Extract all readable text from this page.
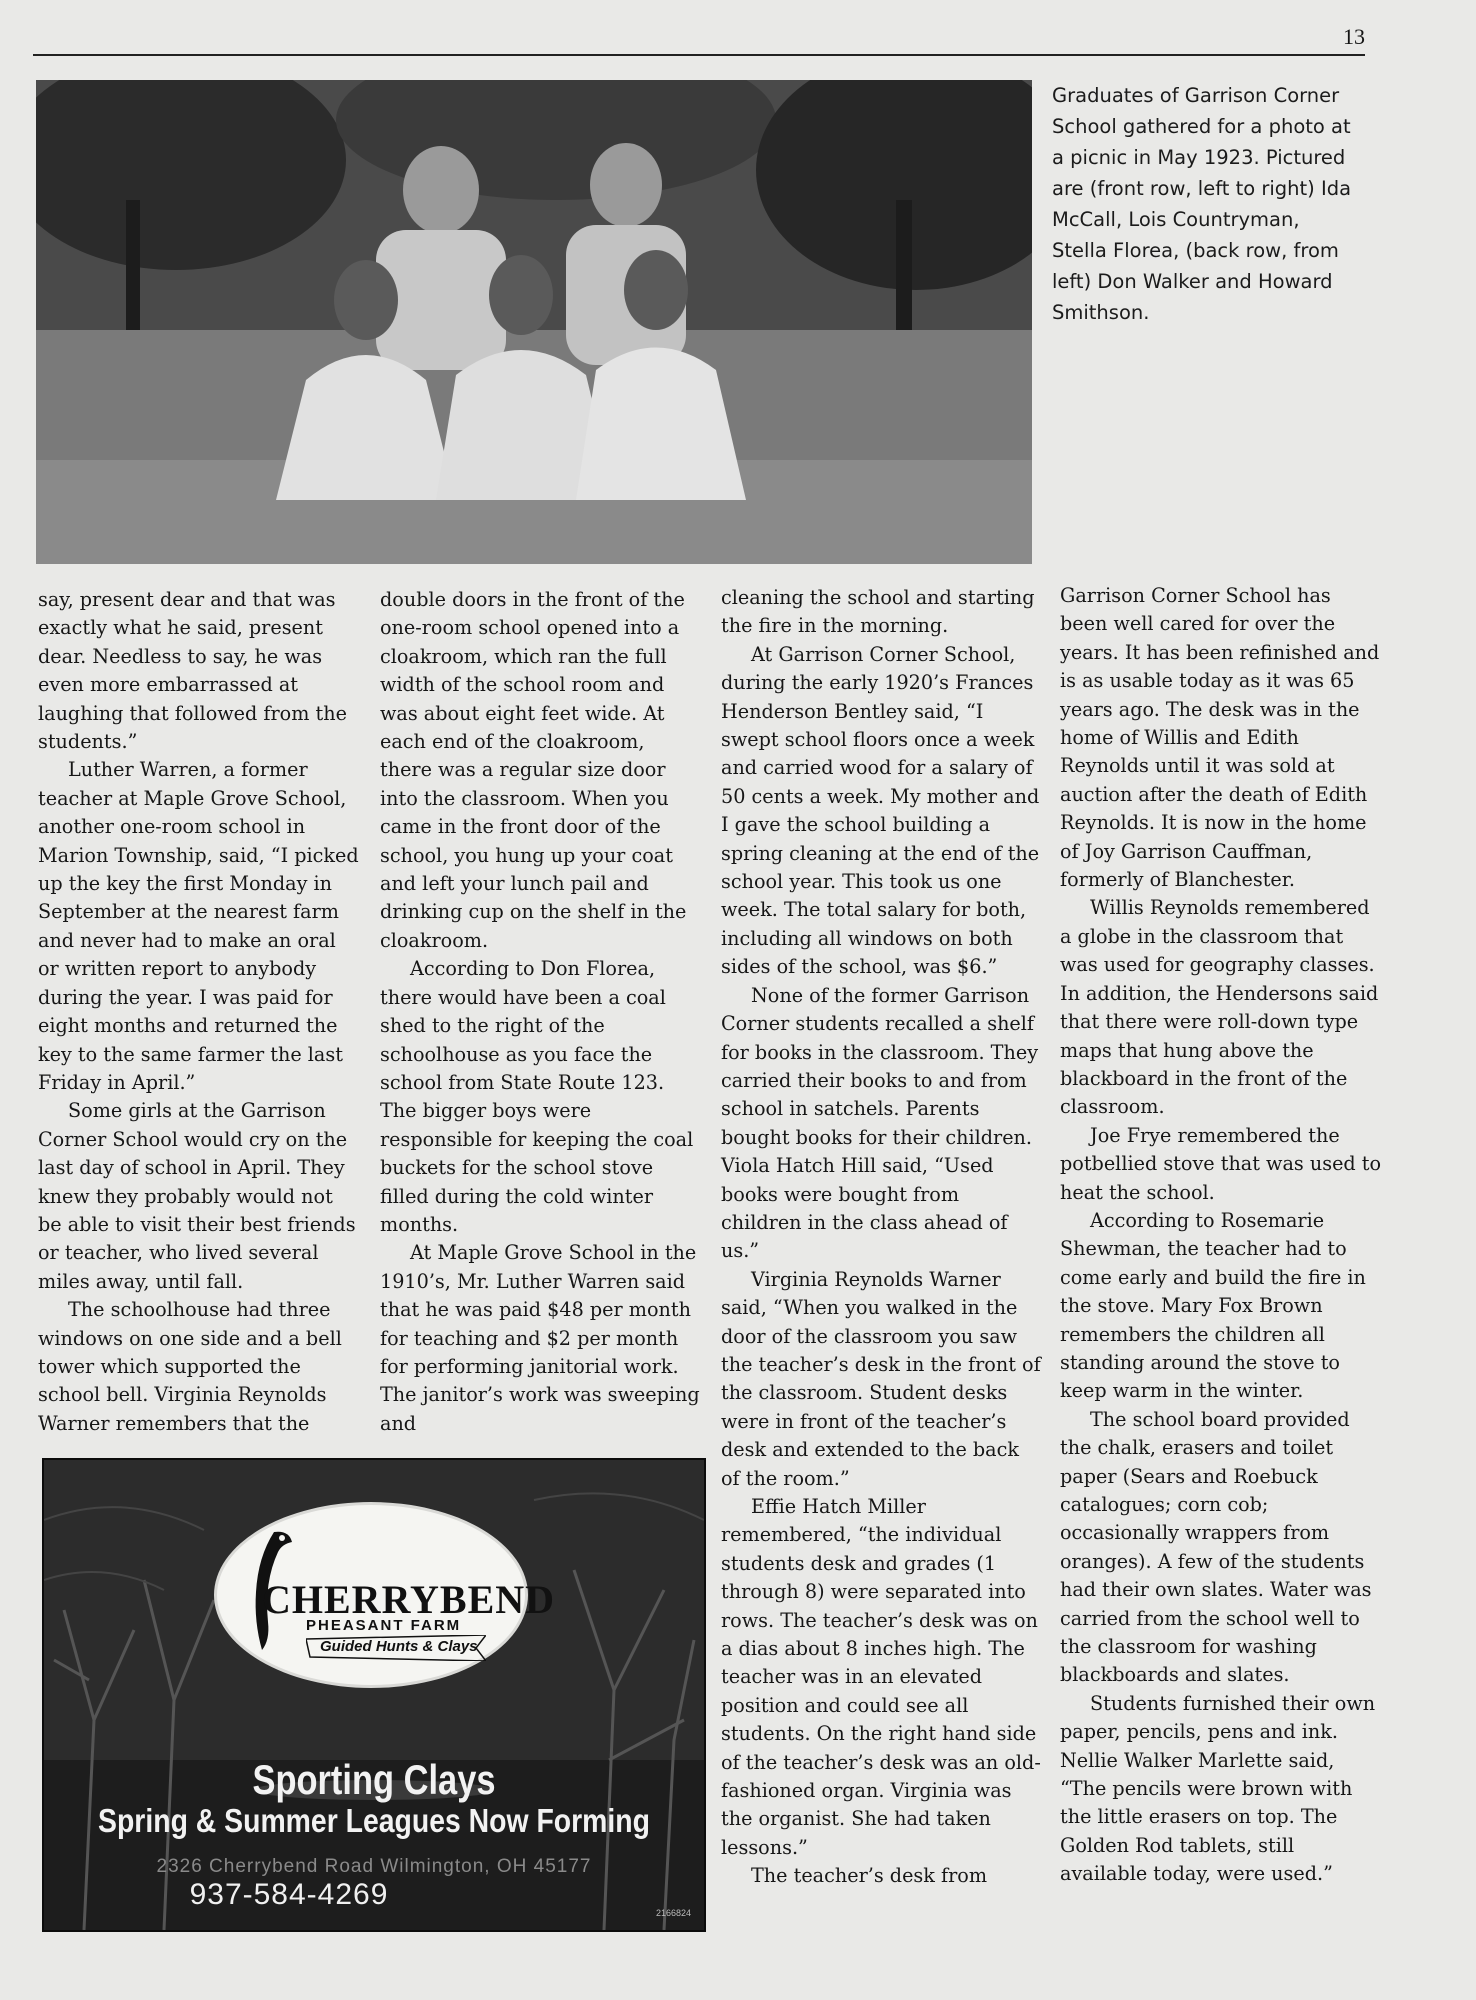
13
Graduates of Garrison Corner School gathered for a photo at a picnic in May 1923. Pictured are (front row, left to right) Ida McCall, Lois Countryman, Stella Florea, (back row, from left) Don Walker and Howard Smithson.

say, present dear and that was exactly what he said, present dear. Needless to say, he was even more embarrassed at laughing that followed from the students.”

Luther Warren, a former teacher at Maple Grove School, another one-room school in Marion Township, said, “I picked up the key the first Monday in September at the nearest farm and never had to make an oral or written report to anybody during the year. I was paid for eight months and returned the key to the same farmer the last Friday in April.”

Some girls at the Garrison Corner School would cry on the last day of school in April. They knew they probably would not be able to visit their best friends or teacher, who lived several miles away, until fall.

The schoolhouse had three windows on one side and a bell tower which supported the school bell. Virginia Reynolds Warner remembers that the

double doors in the front of the one-room school opened into a cloakroom, which ran the full width of the school room and was about eight feet wide. At each end of the cloakroom, there was a regular size door into the classroom. When you came in the front door of the school, you hung up your coat and left your lunch pail and drinking cup on the shelf in the cloakroom.

According to Don Florea, there would have been a coal shed to the right of the schoolhouse as you face the school from State Route 123. The bigger boys were responsible for keeping the coal buckets for the school stove filled during the cold winter months.

At Maple Grove School in the 1910’s, Mr. Luther Warren said that he was paid $48 per month for teaching and $2 per month for performing janitorial work. The janitor’s work was sweeping and

cleaning the school and starting the fire in the morning.

At Garrison Corner School, during the early 1920’s Frances Henderson Bentley said, “I swept school floors once a week and carried wood for a salary of 50 cents a week. My mother and I gave the school building a spring cleaning at the end of the school year. This took us one week. The total salary for both, including all windows on both sides of the school, was $6.”

None of the former Garrison Corner students recalled a shelf for books in the classroom. They carried their books to and from school in satchels. Parents bought books for their children. Viola Hatch Hill said, “Used books were bought from children in the class ahead of us.”

Virginia Reynolds Warner said, “When you walked in the door of the classroom you saw the teacher’s desk in the front of the classroom. Student desks were in front of the teacher’s desk and extended to the back of the room.”

Effie Hatch Miller remembered, “the individual students desk and grades (1 through 8) were separated into rows. The teacher’s desk was on a dias about 8 inches high. The teacher was in an elevated position and could see all students. On the right hand side of the teacher’s desk was an old-fashioned organ. Virginia was the organist. She had taken lessons.”

The teacher’s desk from

Garrison Corner School has been well cared for over the years. It has been refinished and is as usable today as it was 65 years ago. The desk was in the home of Willis and Edith Reynolds until it was sold at auction after the death of Edith Reynolds. It is now in the home of Joy Garrison Cauffman, formerly of Blanchester.

Willis Reynolds remembered a globe in the classroom that was used for geography classes. In addition, the Hendersons said that there were roll-down type maps that hung above the blackboard in the front of the classroom.

Joe Frye remembered the potbellied stove that was used to heat the school.

According to Rosemarie Shewman, the teacher had to come early and build the fire in the stove. Mary Fox Brown remembers the children all standing around the stove to keep warm in the winter.

The school board provided the chalk, erasers and toilet paper (Sears and Roebuck catalogues; corn cob; occasionally wrappers from oranges). A few of the students had their own slates. Water was carried from the school well to the classroom for washing blackboards and slates.

Students furnished their own paper, pencils, pens and ink. Nellie Walker Marlette said, “The pencils were brown with the little erasers on top. The Golden Rod tablets, still available today, were used.”

CHERRYBEND
PHEASANT FARM
Guided Hunts & Clays
Sporting Clays
Spring & Summer Leagues Now Forming
2326 Cherrybend Road Wilmington, OH 45177
937-584-4269
2166824
